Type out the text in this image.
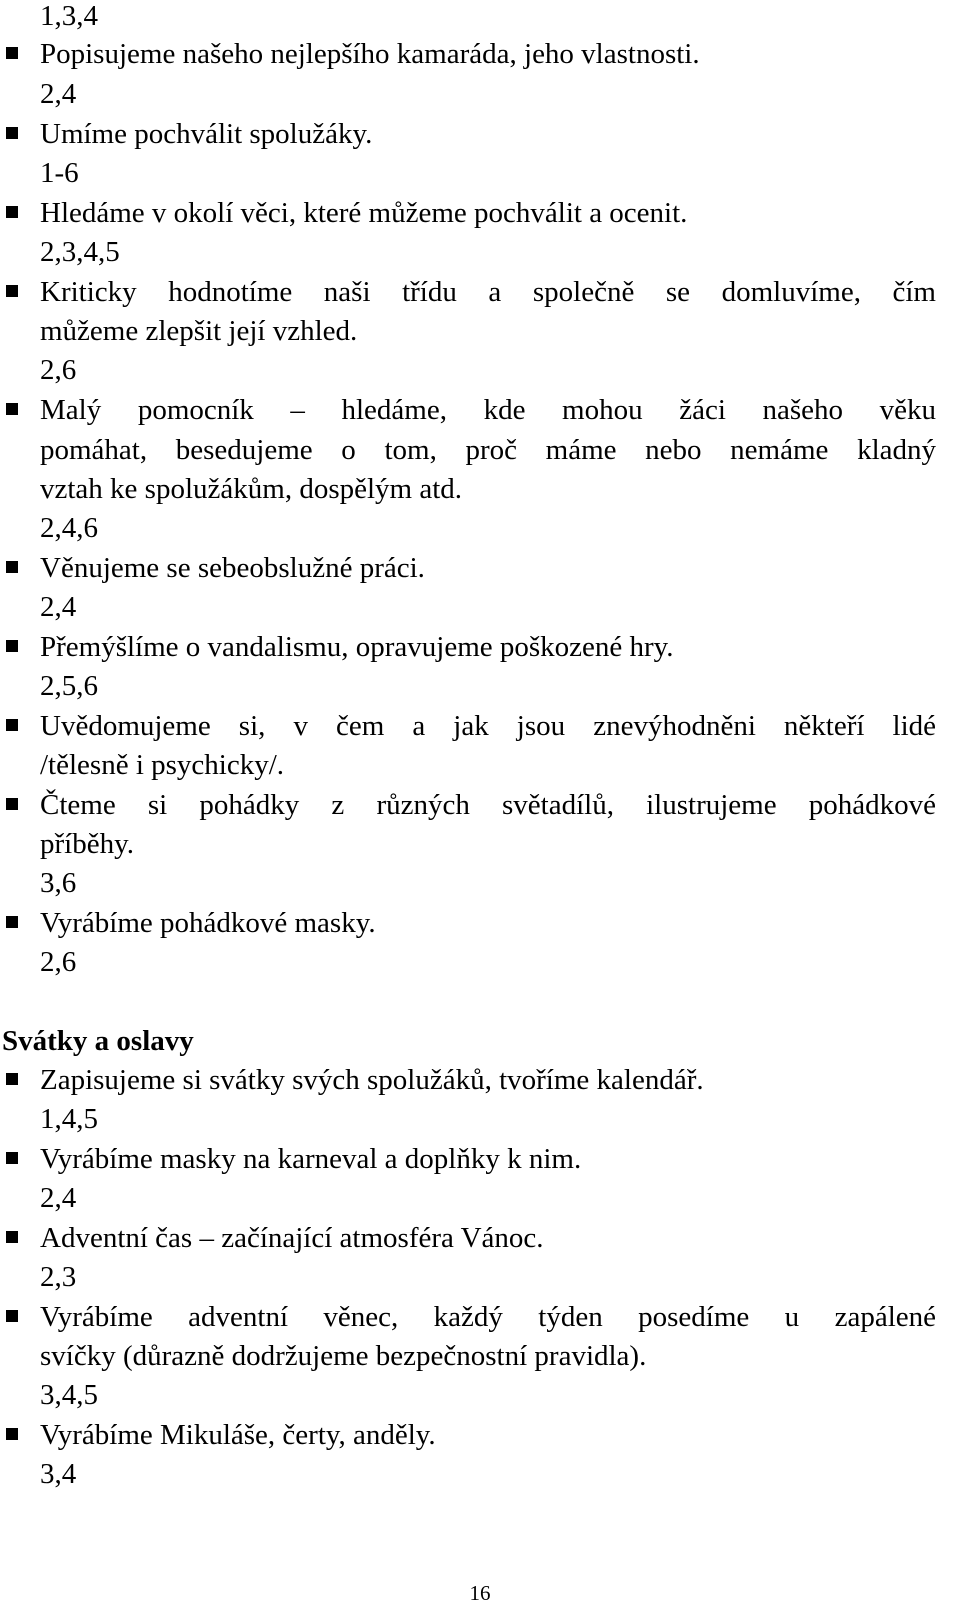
1,3,4
Popisujeme našeho nejlepšího kamaráda, jeho vlastnosti.
2,4
Umíme pochválit spolužáky.
1-6
Hledáme v okolí věci, které můžeme pochválit a ocenit.
2,3,4,5
Kriticky hodnotíme naši třídu a společně se domluvíme, čím
můžeme zlepšit její vzhled.
2,6
Malý pomocník – hledáme, kde mohou žáci našeho věku
pomáhat, besedujeme o tom, proč máme nebo nemáme kladný
vztah ke spolužákům, dospělým atd.
2,4,6
Věnujeme se sebeobslužné práci.
2,4
Přemýšlíme o vandalismu, opravujeme poškozené hry.
2,5,6
Uvědomujeme si, v čem a jak jsou znevýhodněni někteří lidé
/tělesně i psychicky/.
Čteme si pohádky z různých světadílů, ilustrujeme pohádkové
příběhy.
3,6
Vyrábíme pohádkové masky.
2,6
Svátky a oslavy
Zapisujeme si svátky svých spolužáků, tvoříme kalendář.
1,4,5
Vyrábíme masky na karneval a doplňky k nim.
2,4
Adventní čas – začínající atmosféra Vánoc.
2,3
Vyrábíme adventní věnec, každý týden posedíme u zapálené
svíčky (důrazně dodržujeme bezpečnostní pravidla).
3,4,5
Vyrábíme Mikuláše, čerty, anděly.
3,4
16
